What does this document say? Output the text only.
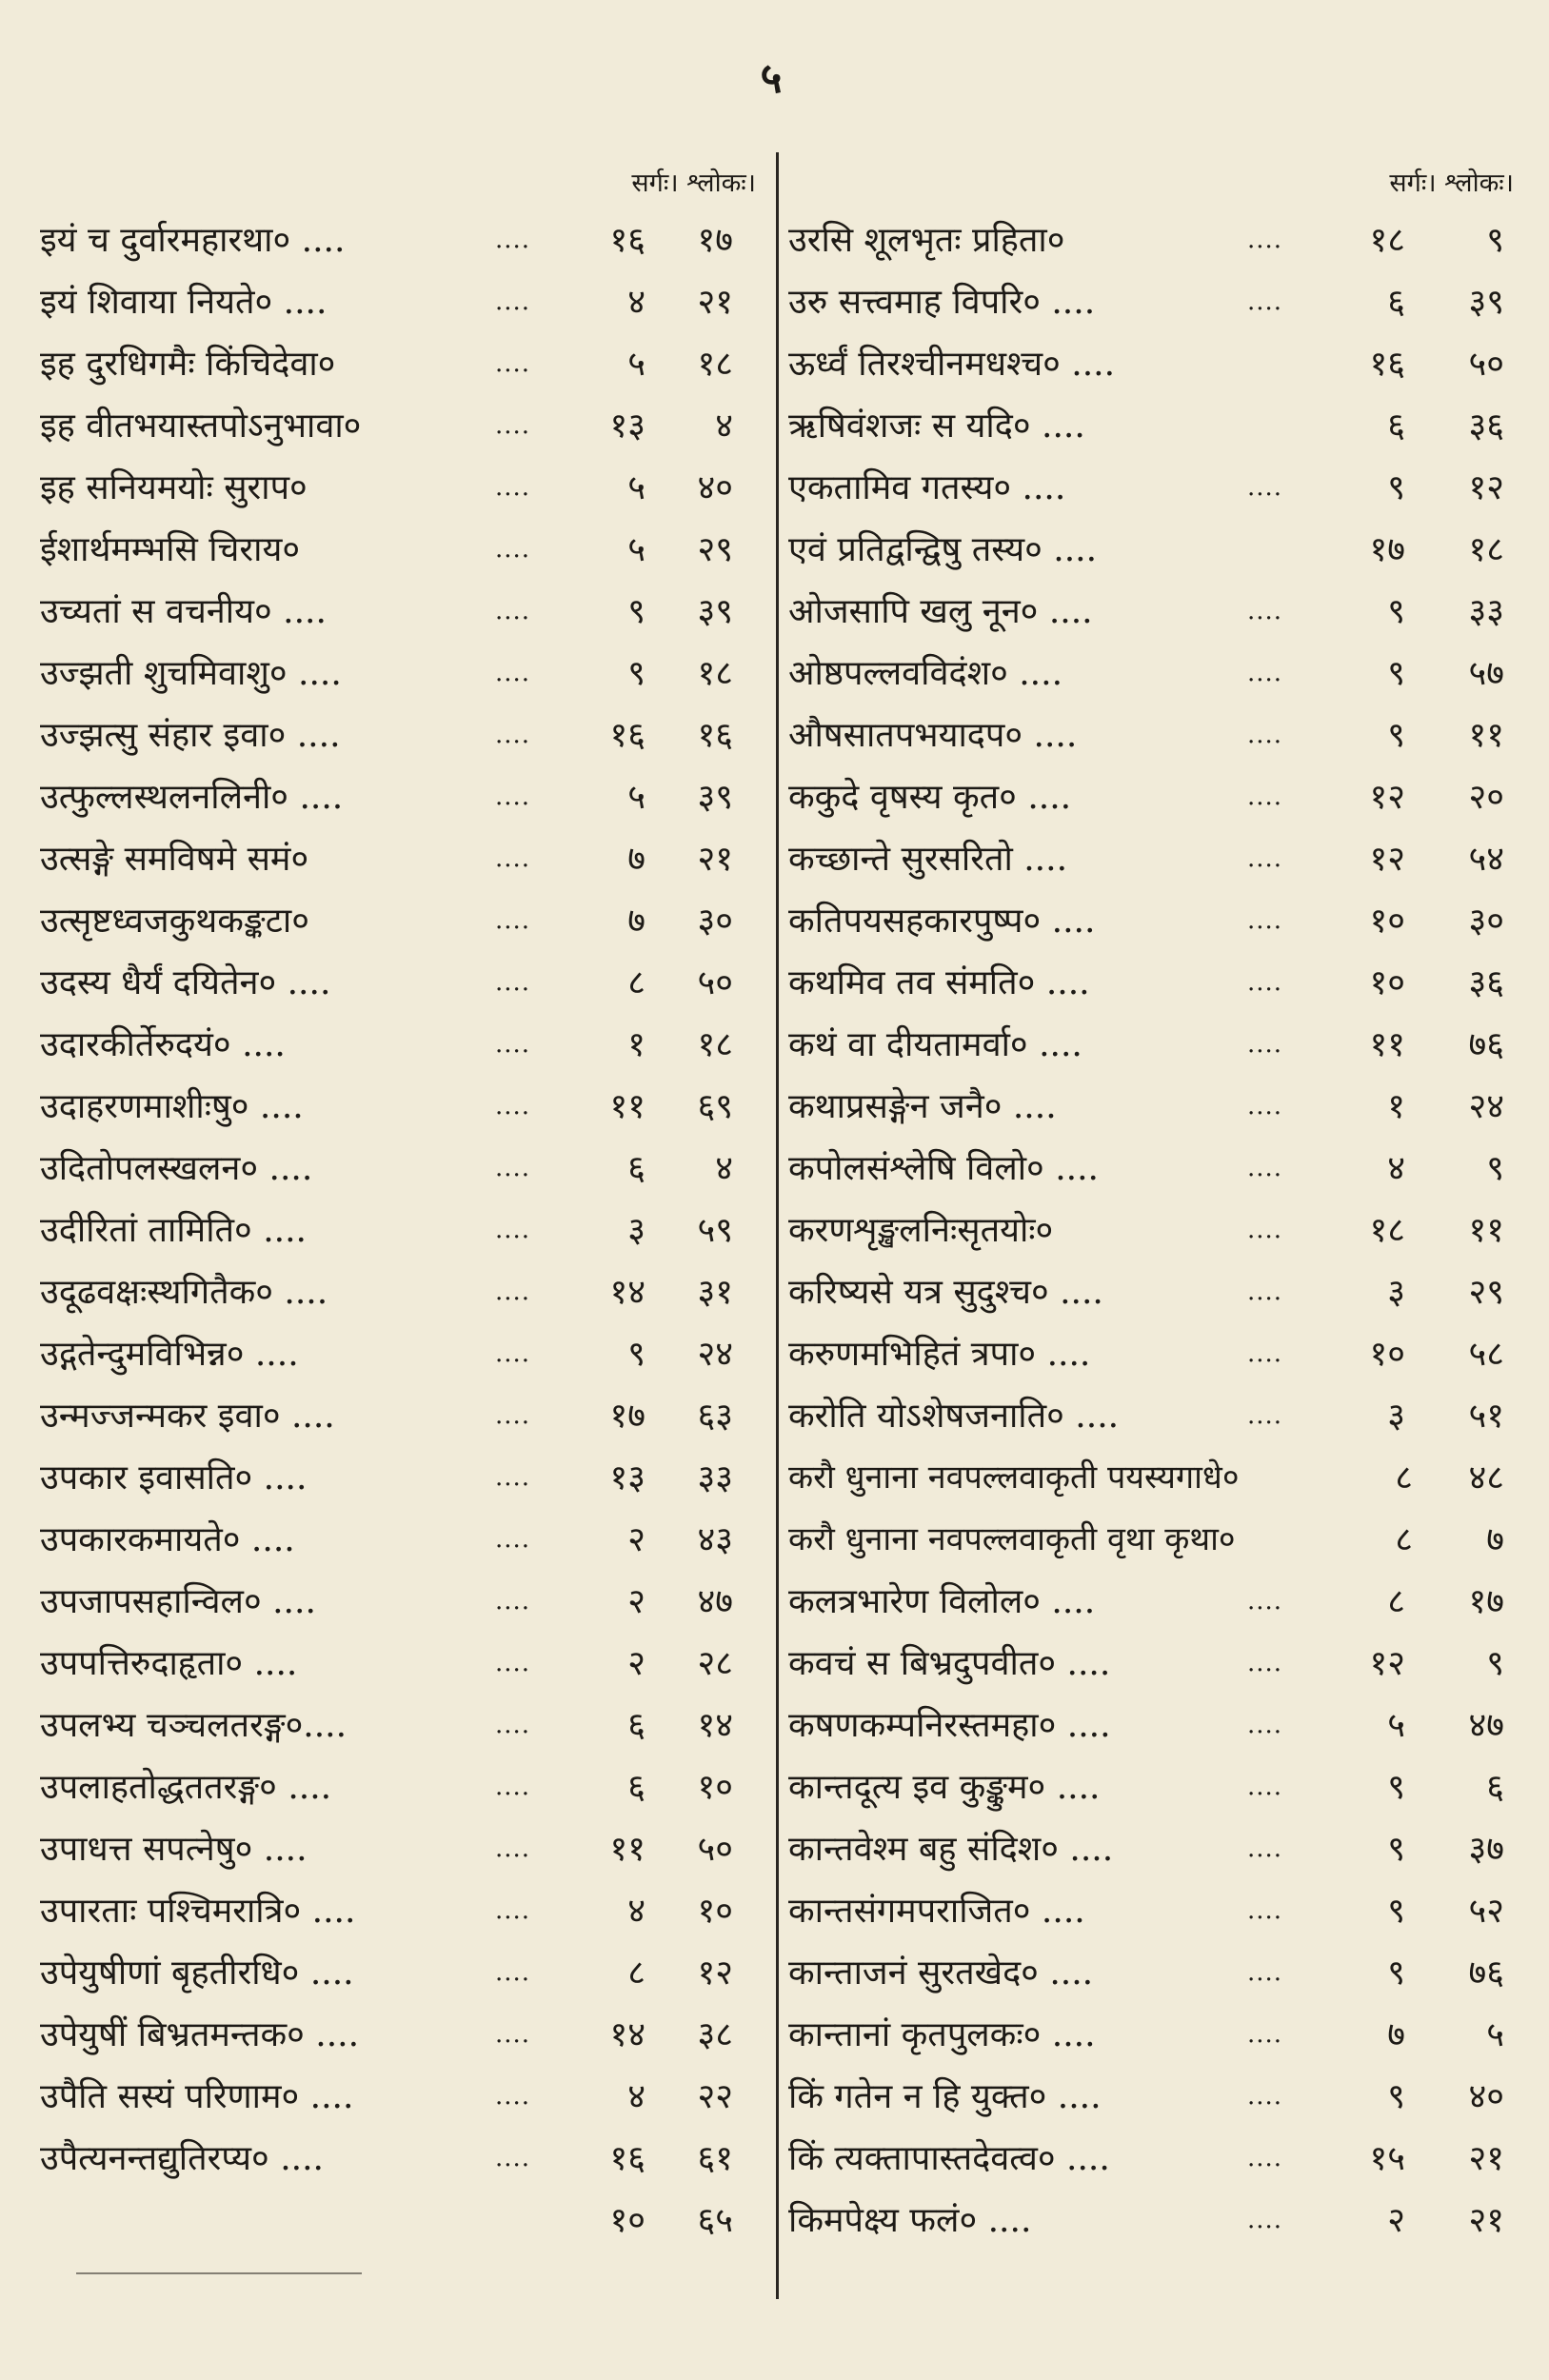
५
सर्गः। श्लोकः।
इयं च दुर्वारमहारथा० ....	....	१६	१७
इयं शिवाया नियते० ....	....	४	२१
इह दुरधिगमैः किंचिदेवा०	....	५	१८
इह वीतभयास्तपोऽनुभावा०	....	१३	४
इह सनियमयोः सुराप०	....	५	४०
ईशार्थमम्भसि चिराय०	....	५	२९
उच्यतां स वचनीय० ....	....	९	३९
उज्झती शुचमिवाशु० ....	....	९	१८
उज्झत्सु संहार इवा० ....	....	१६	१६
उत्फुल्लस्थलनलिनी० ....	....	५	३९
उत्सङ्गे समविषमे समं०	....	७	२१
उत्सृष्टध्वजकुथकङ्कटा०	....	७	३०
उदस्य धैर्यं दयितेन० ....	....	८	५०
उदारकीर्तेरुदयं० ....	....	१	१८
उदाहरणमाशीःषु० ....	....	११	६९
उदितोपलस्खलन० ....	....	६	४
उदीरितां तामिति० ....	....	३	५९
उदूढवक्षःस्थगितैक० ....	....	१४	३१
उद्गतेन्दुमविभिन्न० ....	....	९	२४
उन्मज्जन्मकर इवा० ....	....	१७	६३
उपकार इवासति० ....	....	१३	३३
उपकारकमायते० ....	....	२	४३
उपजापसहान्विल० ....	....	२	४७
उपपत्तिरुदाहृता० ....	....	२	२८
उपलभ्य चञ्चलतरङ्ग०....	....	६	१४
उपलाहतोद्धततरङ्ग० ....	....	६	१०
उपाधत्त सपत्नेषु० ....	....	११	५०
उपारताः पश्चिमरात्रि० ....	....	४	१०
उपेयुषीणां बृहतीरधि० ....	....	८	१२
उपेयुषीं बिभ्रतमन्तक० ....	....	१४	३८
उपैति सस्यं परिणाम० ....	....	४	२२
उपैत्यनन्तद्युतिरप्य० ....	....	१६	६१
१०	६५
सर्गः। श्लोकः।
उरसि शूलभृतः प्रहिता०	....	१८	९
उरु सत्त्वमाह विपरि० ....	....	६	३९
ऊर्ध्वं तिरश्चीनमधश्च० ....	१६	५०
ऋषिवंशजः स यदि० ....	६	३६
एकतामिव गतस्य० ....	....	९	१२
एवं प्रतिद्वन्द्विषु तस्य० ....	१७	१८
ओजसापि खलु नून० ....	....	९	३३
ओष्ठपल्लवविदंश० ....	....	९	५७
औषसातपभयादप० ....	....	९	११
ककुदे वृषस्य कृत० ....	....	१२	२०
कच्छान्ते सुरसरितो ....	....	१२	५४
कतिपयसहकारपुष्प० ....	....	१०	३०
कथमिव तव संमति० ....	....	१०	३६
कथं वा दीयतामर्वा० ....	....	११	७६
कथाप्रसङ्गेन जनै० ....	....	१	२४
कपोलसंश्लेषि विलो० ....	....	४	९
करणशृङ्खलनिःसृतयोः०	....	१८	११
करिष्यसे यत्र सुदुश्च० ....	....	३	२९
करुणमभिहितं त्रपा० ....	....	१०	५८
करोति योऽशेषजनाति० ....	....	३	५१
करौ धुनाना नवपल्लवाकृती पयस्यगाधे०	८	४८
करौ धुनाना नवपल्लवाकृती वृथा कृथा०	८	७
कलत्रभारेण विलोल० ....	....	८	१७
कवचं स बिभ्रदुपवीत० ....	....	१२	९
कषणकम्पनिरस्तमहा० ....	....	५	४७
कान्तदूत्य इव कुङ्कुम० ....	....	९	६
कान्तवेश्म बहु संदिश० ....	....	९	३७
कान्तसंगमपराजित० ....	....	९	५२
कान्ताजनं सुरतखेद० ....	....	९	७६
कान्तानां कृतपुलकः० ....	....	७	५
किं गतेन न हि युक्त० ....	....	९	४०
किं त्यक्तापास्तदेवत्व० ....	....	१५	२१
किमपेक्ष्य फलं० ....	....	२	२१
